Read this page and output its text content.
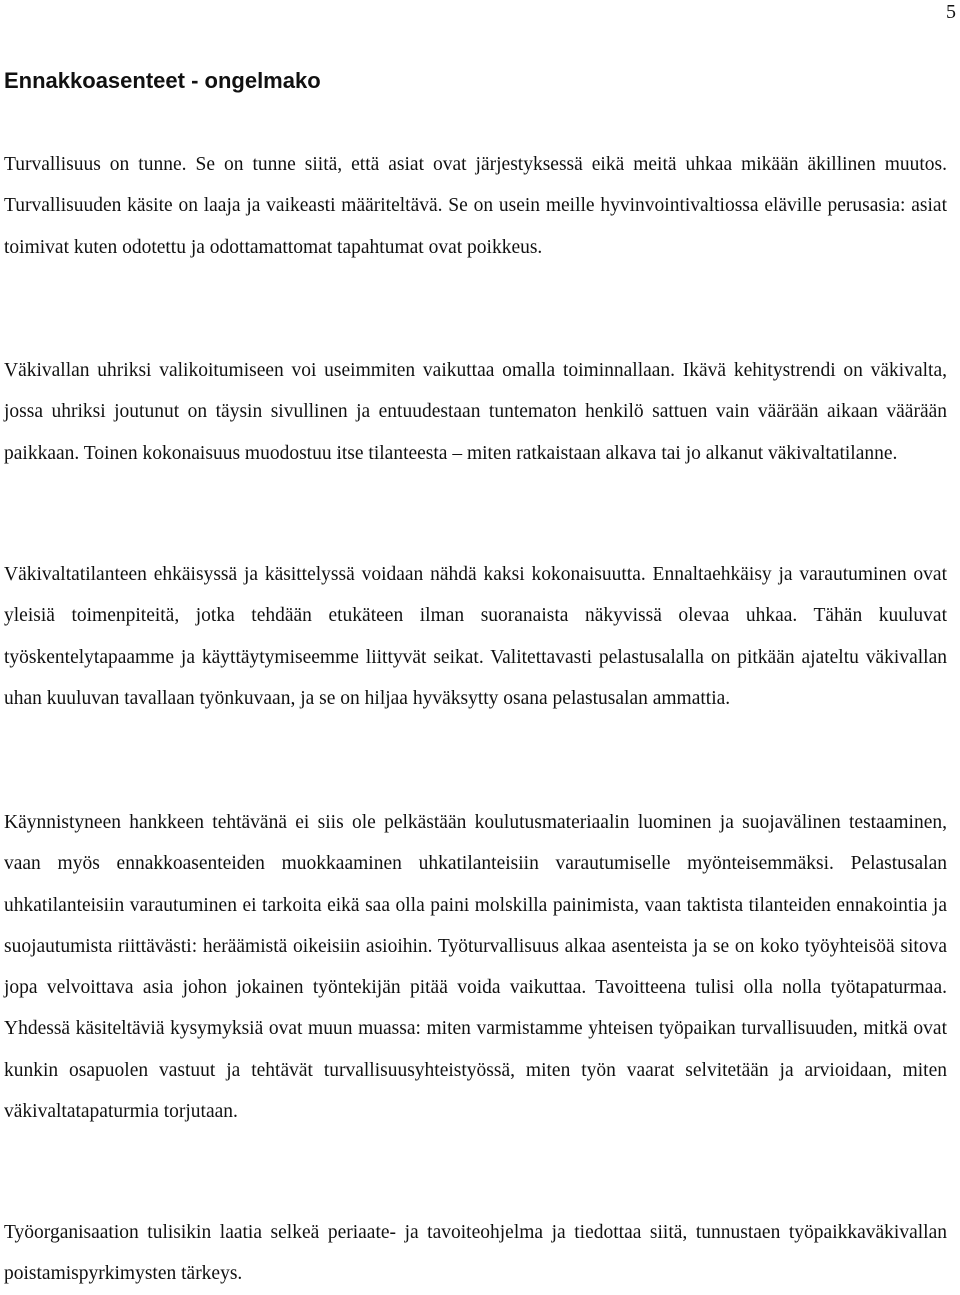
5
Ennakkoasenteet - ongelmako

Turvallisuus on tunne. Se on tunne siitä, että asiat ovat järjestyksessä eikä meitä uhkaa mikään äkillinen muutos. Turvallisuuden käsite on laaja ja vaikeasti määriteltävä. Se on usein meille hyvinvointivaltiossa eläville perusasia: asiat toimivat kuten odotettu ja odottamattomat tapahtumat ovat poikkeus.

Väkivallan uhriksi valikoitumiseen voi useimmiten vaikuttaa omalla toiminnallaan. Ikävä kehitystrendi on väkivalta, jossa uhriksi joutunut on täysin sivullinen ja entuudestaan tuntematon henkilö sattuen vain väärään aikaan väärään paikkaan. Toinen kokonaisuus muodostuu itse tilanteesta – miten ratkaistaan alkava tai jo alkanut väkivaltatilanne.

Väkivaltatilanteen ehkäisyssä ja käsittelyssä voidaan nähdä kaksi kokonaisuutta. Ennaltaehkäisy ja varautuminen ovat yleisiä toimenpiteitä, jotka tehdään etukäteen ilman suoranaista näkyvissä olevaa uhkaa. Tähän kuuluvat työskentelytapaamme ja käyttäytymiseemme liittyvät seikat. Valitettavasti pelastusalalla on pitkään ajateltu väkivallan uhan kuuluvan tavallaan työnkuvaan, ja se on hiljaa hyväksytty osana pelastusalan ammattia.

Käynnistyneen hankkeen tehtävänä ei siis ole pelkästään koulutusmateriaalin luominen ja suojavälinen testaaminen, vaan myös ennakkoasenteiden muokkaaminen uhkatilanteisiin varautumiselle myönteisemmäksi. Pelastusalan uhkatilanteisiin varautuminen ei tarkoita eikä saa olla paini molskilla painimista, vaan taktista tilanteiden ennakointia ja suojautumista riittävästi: heräämistä oikeisiin asioihin. Työturvallisuus alkaa asenteista ja se on koko työyhteisöä sitova jopa velvoittava asia johon jokainen työntekijän pitää voida vaikuttaa. Tavoitteena tulisi olla nolla työtapaturmaa. Yhdessä käsiteltäviä kysymyksiä ovat muun muassa: miten varmistamme yhteisen työpaikan turvallisuuden, mitkä ovat kunkin osapuolen vastuut ja tehtävät turvallisuusyhteistyössä, miten työn vaarat selvitetään ja arvioidaan, miten väkivaltatapaturmia torjutaan.

Työorganisaation tulisikin laatia selkeä periaate- ja tavoiteohjelma ja tiedottaa siitä, tunnustaen työpaikkaväkivallan poistamispyrkimysten tärkeys.
